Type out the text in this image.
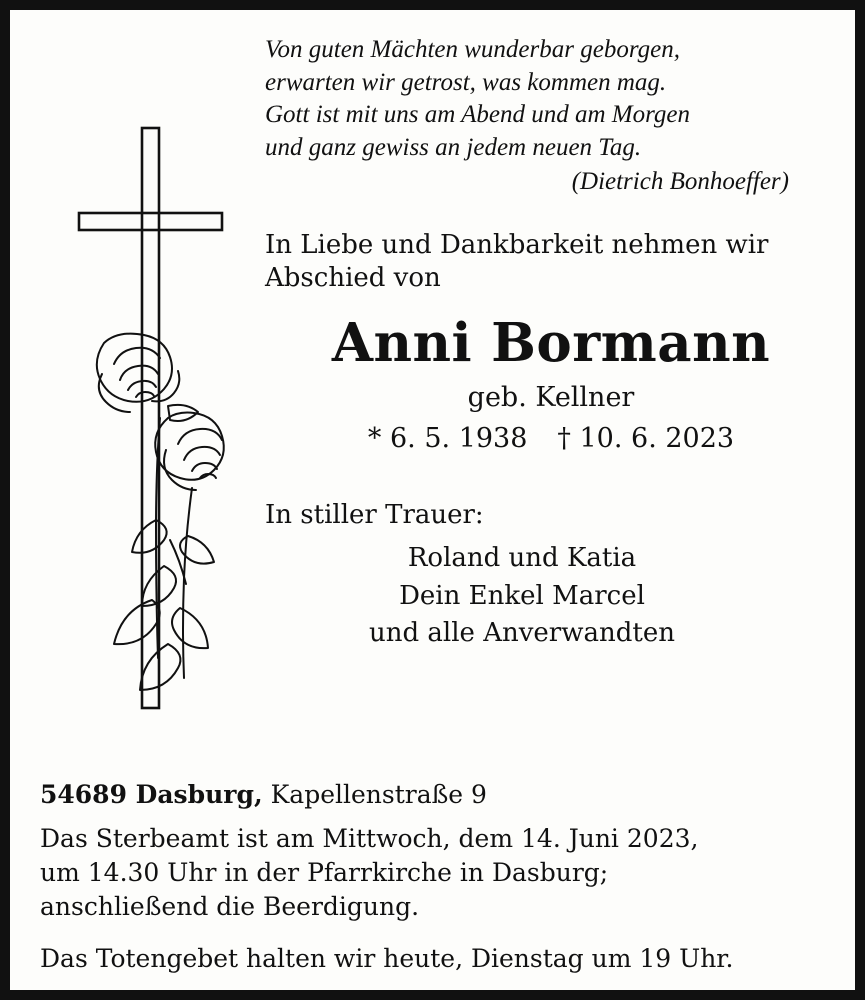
Von guten Mächten wunderbar geborgen,
erwarten wir getrost, was kommen mag.
Gott ist mit uns am Abend und am Morgen
und ganz gewiss an jedem neuen Tag.
(Dietrich Bonhoeffer)
In Liebe und Dankbarkeit nehmen wir
Abschied von
Anni Bormann
geb. Kellner
* 6. 5. 1938 † 10. 6. 2023
In stiller Trauer:
Roland und Katia
Dein Enkel Marcel
und alle Anverwandten
54689 Dasburg, Kapellenstraße 9
Das Sterbeamt ist am Mittwoch, dem 14. Juni 2023,
um 14.30 Uhr in der Pfarrkirche in Dasburg;
anschließend die Beerdigung.
Das Totengebet halten wir heute, Dienstag um 19 Uhr.
